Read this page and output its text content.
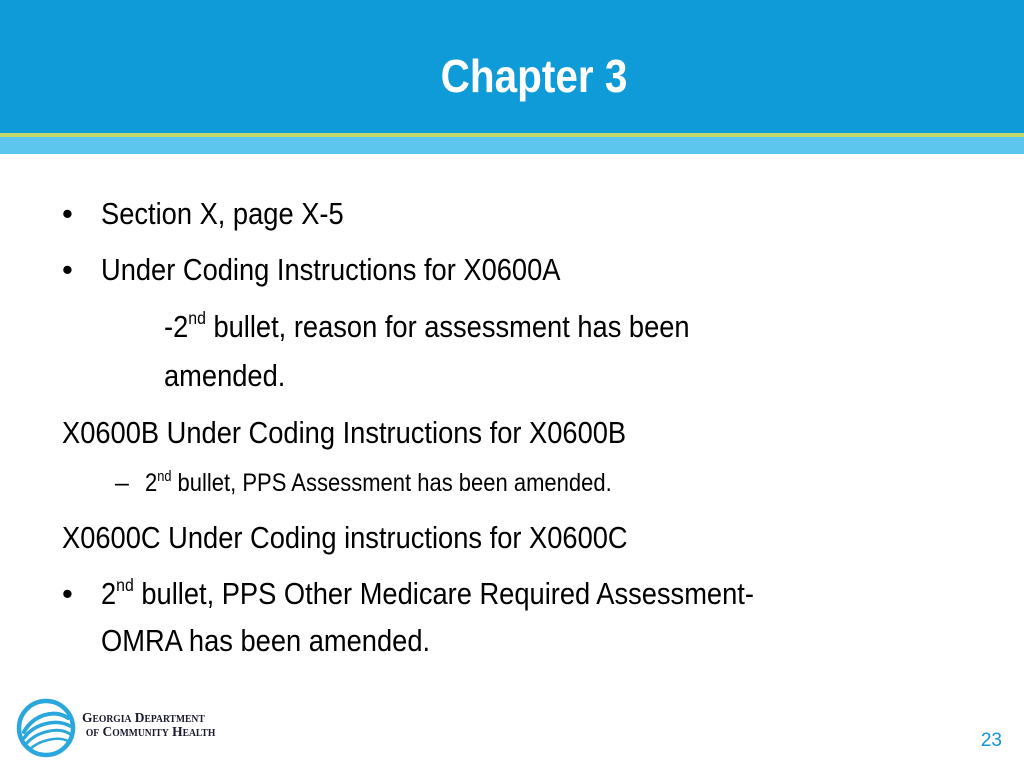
Chapter 3
• Section X, page X-5
• Under Coding Instructions for X0600A
-2nd bullet, reason for assessment has been
amended.
X0600B Under Coding Instructions for X0600B
– 2nd bullet, PPS Assessment has been amended.
X0600C Under Coding instructions for X0600C
• 2nd bullet, PPS Other Medicare Required Assessment-
OMRA has been amended.
Georgia Department
of Community Health	23
